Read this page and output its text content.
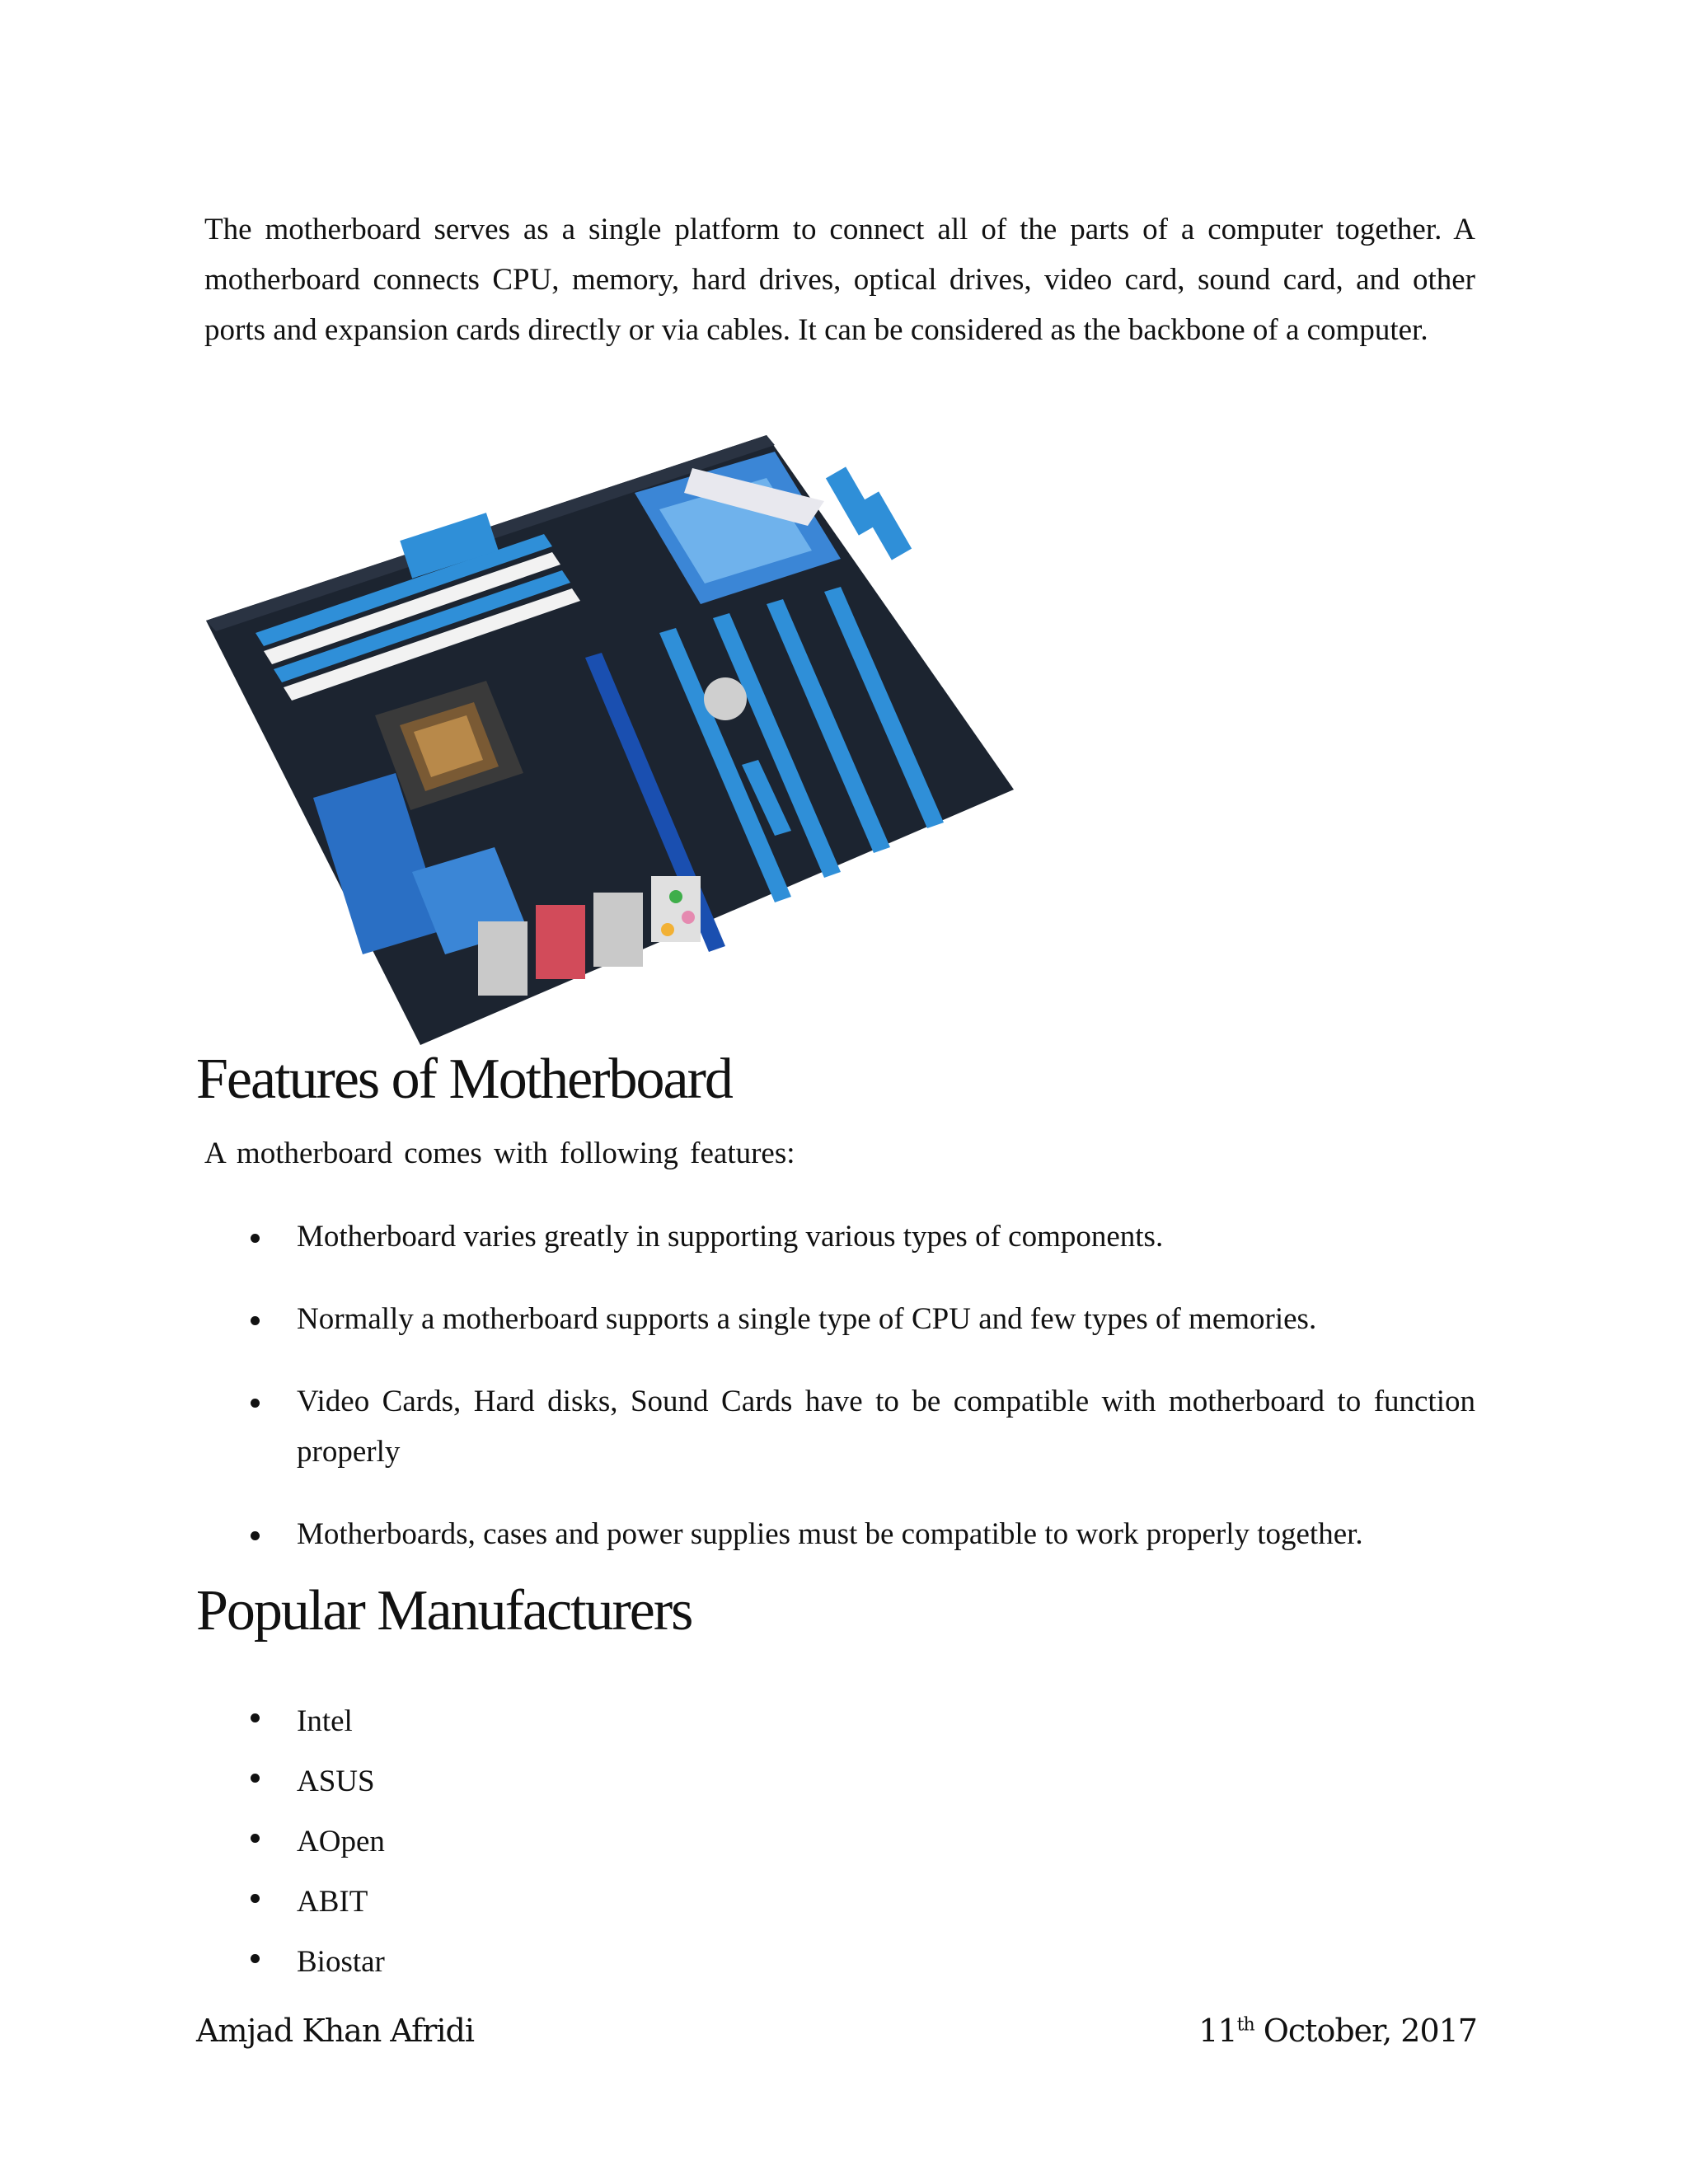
The motherboard serves as a single platform to connect all of the parts of a computer together. A motherboard connects CPU, memory, hard drives, optical drives, video card, sound card, and other ports and expansion cards directly or via cables. It can be considered as the backbone of a computer.

Features of Motherboard

A motherboard comes with following features:

Motherboard varies greatly in supporting various types of components.
Normally a motherboard supports a single type of CPU and few types of memories.
Video Cards, Hard disks, Sound Cards have to be compatible with motherboard to function properly
Motherboards, cases and power supplies must be compatible to work properly together.
Popular Manufacturers
Intel
ASUS
AOpen
ABIT
Biostar

Amjad Khan Afridi	11th October, 2017
